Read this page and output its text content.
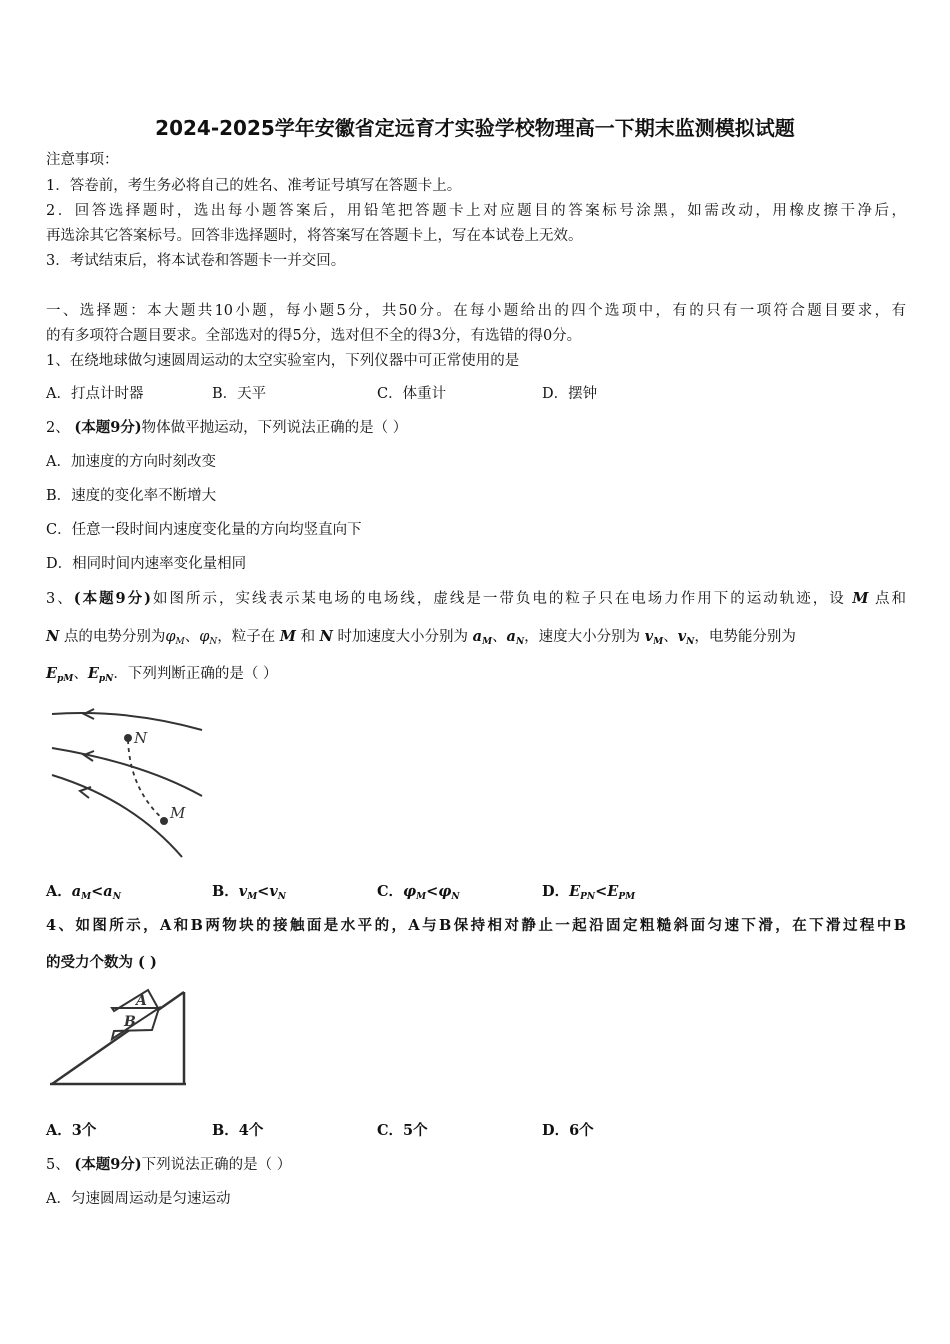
2024-2025学年安徽省定远育才实验学校物理高一下期末监测模拟试题
注意事项：
1．答卷前，考生务必将自己的姓名、准考证号填写在答题卡上。
2．回答选择题时，选出每小题答案后，用铅笔把答题卡上对应题目的答案标号涂黑，如需改动，用橡皮擦干净后，
再选涂其它答案标号。回答非选择题时，将答案写在答题卡上，写在本试卷上无效。
3．考试结束后，将本试卷和答题卡一并交回。
一、选择题：本大题共10小题，每小题5分，共50分。在每小题给出的四个选项中，有的只有一项符合题目要求，有
的有多项符合题目要求。全部选对的得5分，选对但不全的得3分，有选错的得0分。
1、在绕地球做匀速圆周运动的太空实验室内，下列仪器中可正常使用的是
A．打点计时器	B．天平	C．体重计	D．摆钟
2、 (本题9分)物体做平抛运动，下列说法正确的是（ ）
A．加速度的方向时刻改变
B．速度的变化率不断增大
C．任意一段时间内速度变化量的方向均竖直向下
D．相同时间内速率变化量相同
3、(本题9分)如图所示，实线表示某电场的电场线，虚线是一带负电的粒子只在电场力作用下的运动轨迹，设 M 点和
N 点的电势分别为$\varphi_M$、$\varphi_N$，粒子在 M 和 N 时加速度大小分别为 $a_M$、$a_N$，速度大小分别为 $v_M$、$v_N$，电势能分别为
$E_{pM}$、$E_{pN}$．下列判断正确的是（ ）
N
M
A．$a_M<a_N$	B．$v_M<v_N$	C．$\varphi_M<\varphi_N$	D．$E_{PN}<E_{PM}$
4、如图所示，A和B两物块的接触面是水平的，A与B保持相对静止一起沿固定粗糙斜面匀速下滑，在下滑过程中B
的受力个数为 ( )
A
B
A．3个	B．4个	C．5个	D．6个
5、 (本题9分)下列说法正确的是（ ）
A．匀速圆周运动是匀速运动
